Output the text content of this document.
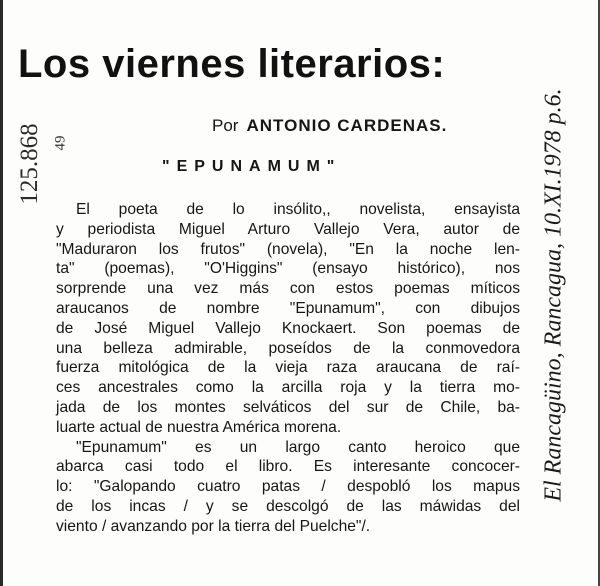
Los viernes literarios:

Por ANTONIO CARDENAS.

"EPUNAMUM"

El poeta de lo insólito,, novelista, ensayista
y periodista Miguel Arturo Vallejo Vera, autor de
"Maduraron los frutos" (novela), "En la noche len-
ta" (poemas), "O'Higgins" (ensayo histórico), nos
sorprende una vez más con estos poemas míticos
araucanos de nombre "Epunamum", con dibujos
de José Miguel Vallejo Knockaert. Son poemas de
una belleza admirable, poseídos de la conmovedora
fuerza mitológica de la vieja raza araucana de raí-
ces ancestrales como la arcilla roja y la tierra mo-
jada de los montes selváticos del sur de Chile, ba-
luarte actual de nuestra América morena.
"Epunamum" es un largo canto heroico que
abarca casi todo el libro. Es interesante concocer-
lo: "Galopando cuatro patas / despobló los mapus
de los incas / y se descolgó de las máwidas del
viento / avanzando por la tierra del Puelche"/.
125.868 49	El Rancagüino, Rancagua, 10.XI.1978 p.6.
